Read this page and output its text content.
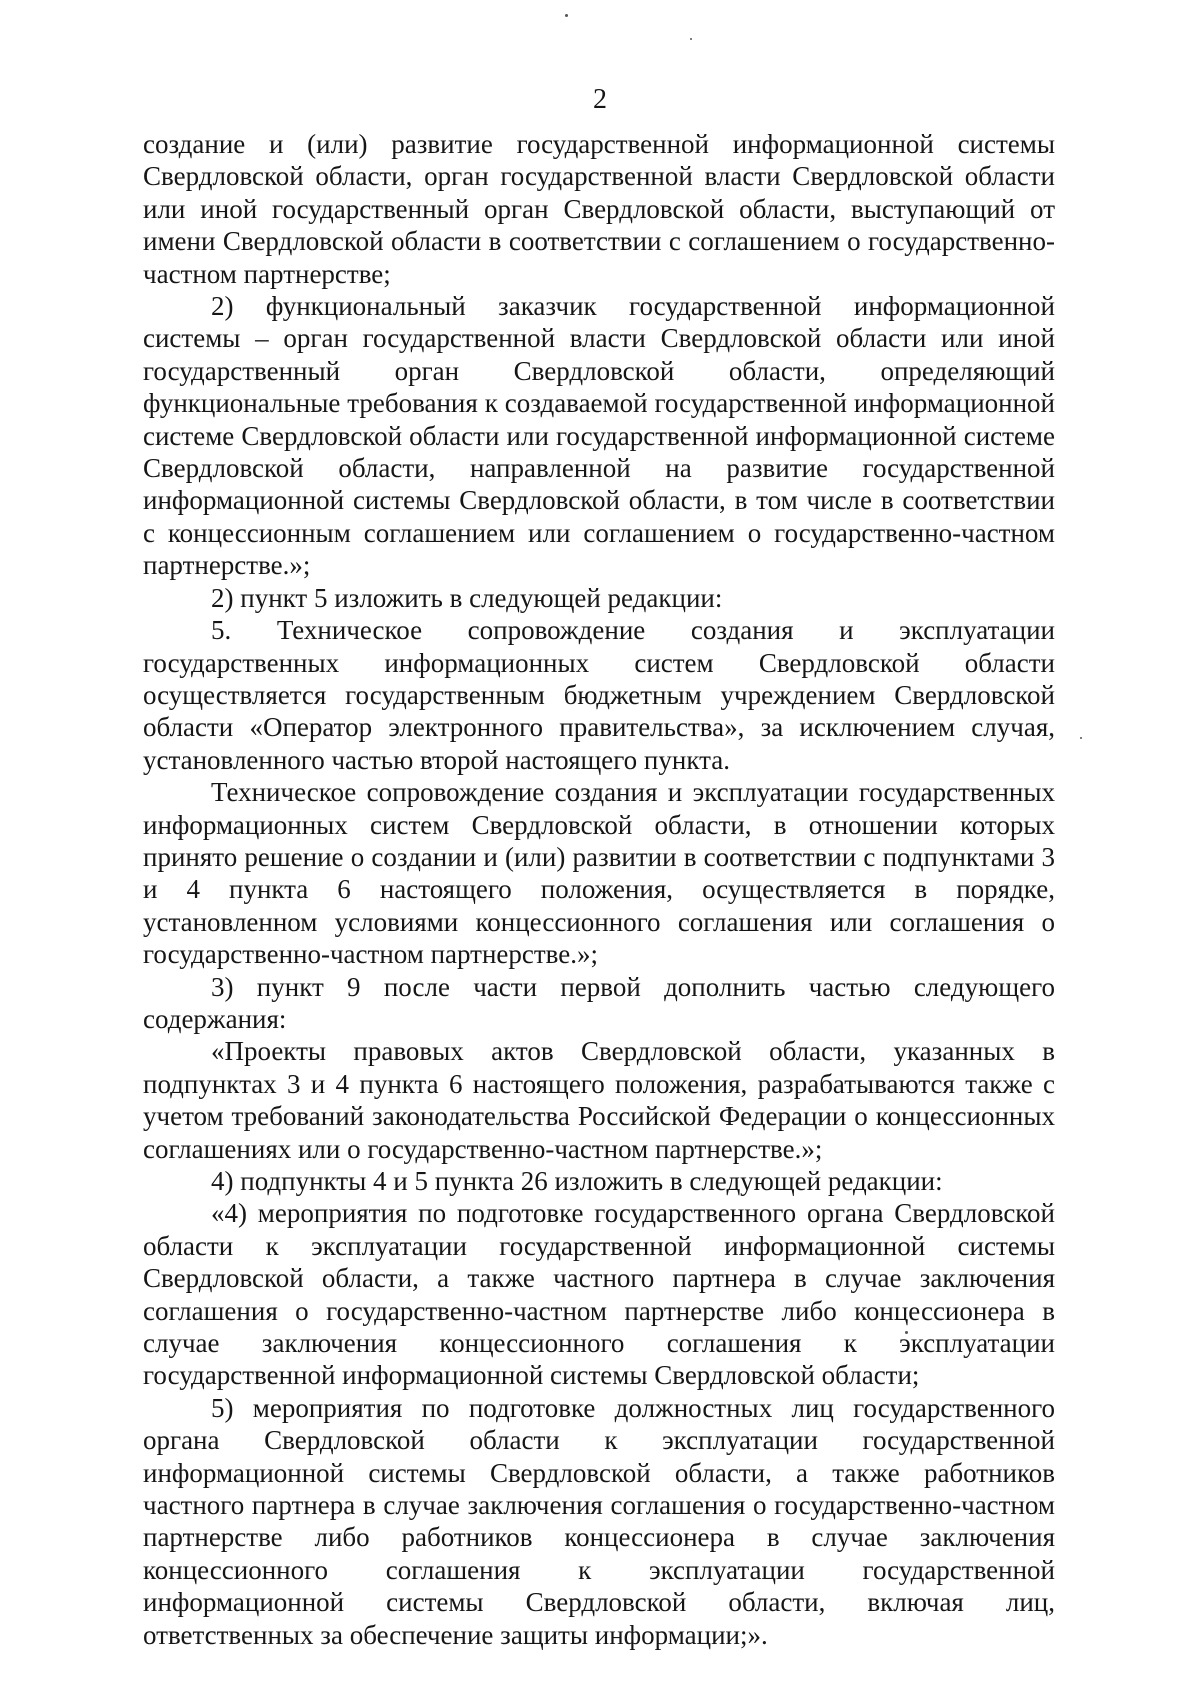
2

создание и (или) развитие государственной информационной системы Свердловской области, орган государственной власти Свердловской области или иной государственный орган Свердловской области, выступающий от имени Свердловской области в соответствии с соглашением о государственно-частном партнерстве;

2) функциональный заказчик государственной информационной системы – орган государственной власти Свердловской области или иной государственный орган Свердловской области, определяющий функциональные требования к создаваемой государственной информационной системе Свердловской области или государственной информационной системе Свердловской области, направленной на развитие государственной информационной системы Свердловской области, в том числе в соответствии с концессионным соглашением или соглашением о государственно-частном партнерстве.»;

2) пункт 5 изложить в следующей редакции:

5. Техническое сопровождение создания и эксплуатации государственных информационных систем Свердловской области осуществляется государственным бюджетным учреждением Свердловской области «Оператор электронного правительства», за исключением случая, установленного частью второй настоящего пункта.

Техническое сопровождение создания и эксплуатации государственных информационных систем Свердловской области, в отношении которых принято решение о создании и (или) развитии в соответствии с подпунктами 3 и 4 пункта 6 настоящего положения, осуществляется в порядке, установленном условиями концессионного соглашения или соглашения о государственно-частном партнерстве.»;

3) пункт 9 после части первой дополнить частью следующего содержания:

«Проекты правовых актов Свердловской области, указанных в подпунктах 3 и 4 пункта 6 настоящего положения, разрабатываются также с учетом требований законодательства Российской Федерации о концессионных соглашениях или о государственно-частном партнерстве.»;

4) подпункты 4 и 5 пункта 26 изложить в следующей редакции:

«4) мероприятия по подготовке государственного органа Свердловской области к эксплуатации государственной информационной системы Свердловской области, а также частного партнера в случае заключения соглашения о государственно-частном партнерстве либо концессионера в случае заключения концессионного соглашения к эксплуатации государственной информационной системы Свердловской области;

5) мероприятия по подготовке должностных лиц государственного органа Свердловской области к эксплуатации государственной информационной системы Свердловской области, а также работников частного партнера в случае заключения соглашения о государственно-частном партнерстве либо работников концессионера в случае заключения концессионного соглашения к эксплуатации государственной информационной системы Свердловской области, включая лиц, ответственных за обеспечение защиты информации;».
